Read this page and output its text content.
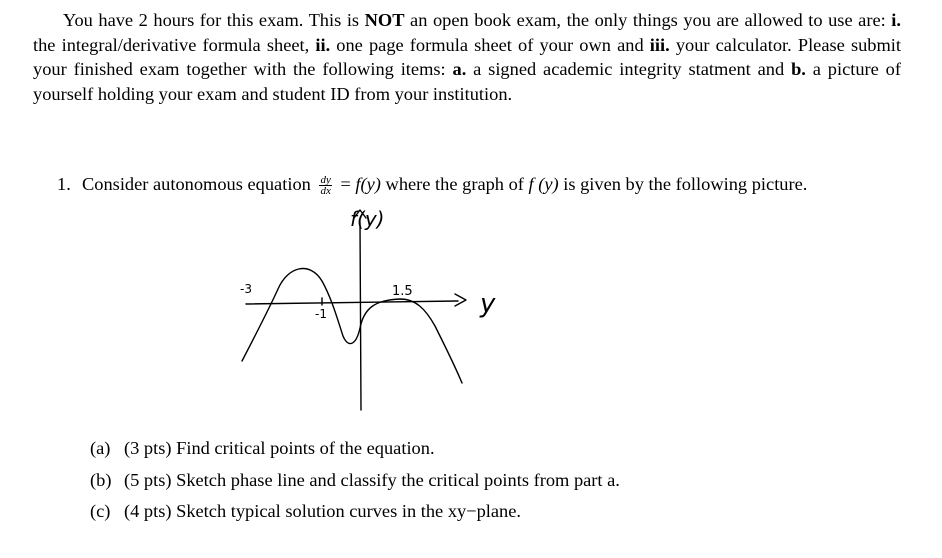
You have 2 hours for this exam. This is NOT an open book exam, the only things you are allowed to use are: i. the integral/derivative formula sheet, ii. one page formula sheet of your own and iii. your calculator. Please submit your finished exam together with the following items: a. a signed academic integrity statment and b. a picture of yourself holding your exam and student ID from your institution.

1. Consider autonomous equation $\frac{dy}{dx} = f(y)$ where the graph of f (y) is given by the following picture.
f(y)
y
-3
-1
1.5
(a) (3 pts) Find critical points of the equation.
(b) (5 pts) Sketch phase line and classify the critical points from part a.
(c) (4 pts) Sketch typical solution curves in the xy−plane.
